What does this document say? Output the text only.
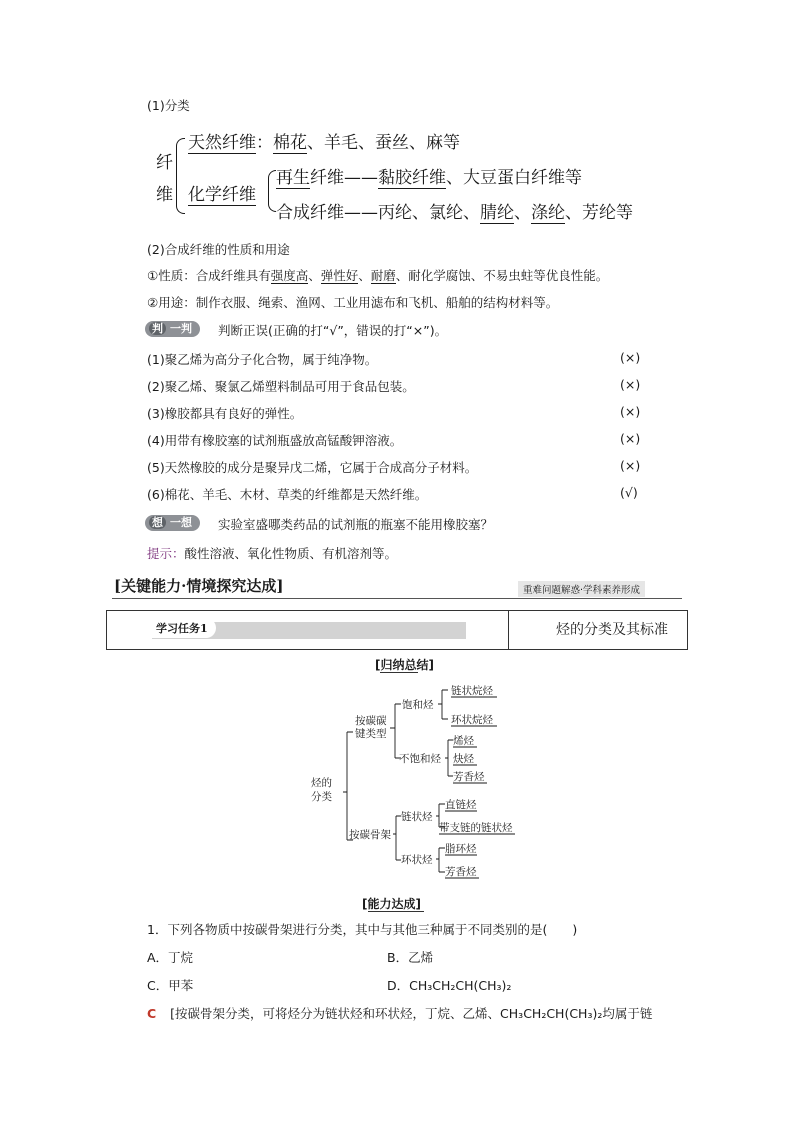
(1)分类
纤
维
天然纤维：棉花、羊毛、蚕丝、麻等
化学纤维
再生纤维——黏胶纤维、大豆蛋白纤维等
合成纤维——丙纶、氯纶、腈纶、涤纶、芳纶等
(2)合成纤维的性质和用途
①性质：合成纤维具有强度高、弹性好、耐磨、耐化学腐蚀、不易虫蛀等优良性能。
②用途：制作衣服、绳索、渔网、工业用滤布和飞机、船舶的结构材料等。
判 一判	判断正误(正确的打“√”，错误的打“×”)。
(1)聚乙烯为高分子化合物，属于纯净物。	(×)
(2)聚乙烯、聚氯乙烯塑料制品可用于食品包装。	(×)
(3)橡胶都具有良好的弹性。	(×)
(4)用带有橡胶塞的试剂瓶盛放高锰酸钾溶液。	(×)
(5)天然橡胶的成分是聚异戊二烯，它属于合成高分子材料。	(×)
(6)棉花、羊毛、木材、草类的纤维都是天然纤维。	(√)
想 一想	实验室盛哪类药品的试剂瓶的瓶塞不能用橡胶塞？
提示：酸性溶液、氧化性物质、有机溶剂等。
[关键能力·情境探究达成]	重难问题解惑·学科素养形成
学习任务1	烃的分类及其标准
[归纳总结]
烃的
分类
按碳碳
键类型
饱和烃
链状烷烃
环状烷烃
不饱和烃
烯烃
炔烃
芳香烃
按碳骨架
链状烃
直链烃
带支链的链状烃
环状烃
脂环烃
芳香烃
[能力达成]
1．下列各物质中按碳骨架进行分类，其中与其他三种属于不同类别的是(　　)
A．丁烷	B．乙烯
C．甲苯	D．CH₃CH₂CH(CH₃)₂
C [按碳骨架分类，可将烃分为链状烃和环状烃，丁烷、乙烯、CH₃CH₂CH(CH₃)₂均属于链
